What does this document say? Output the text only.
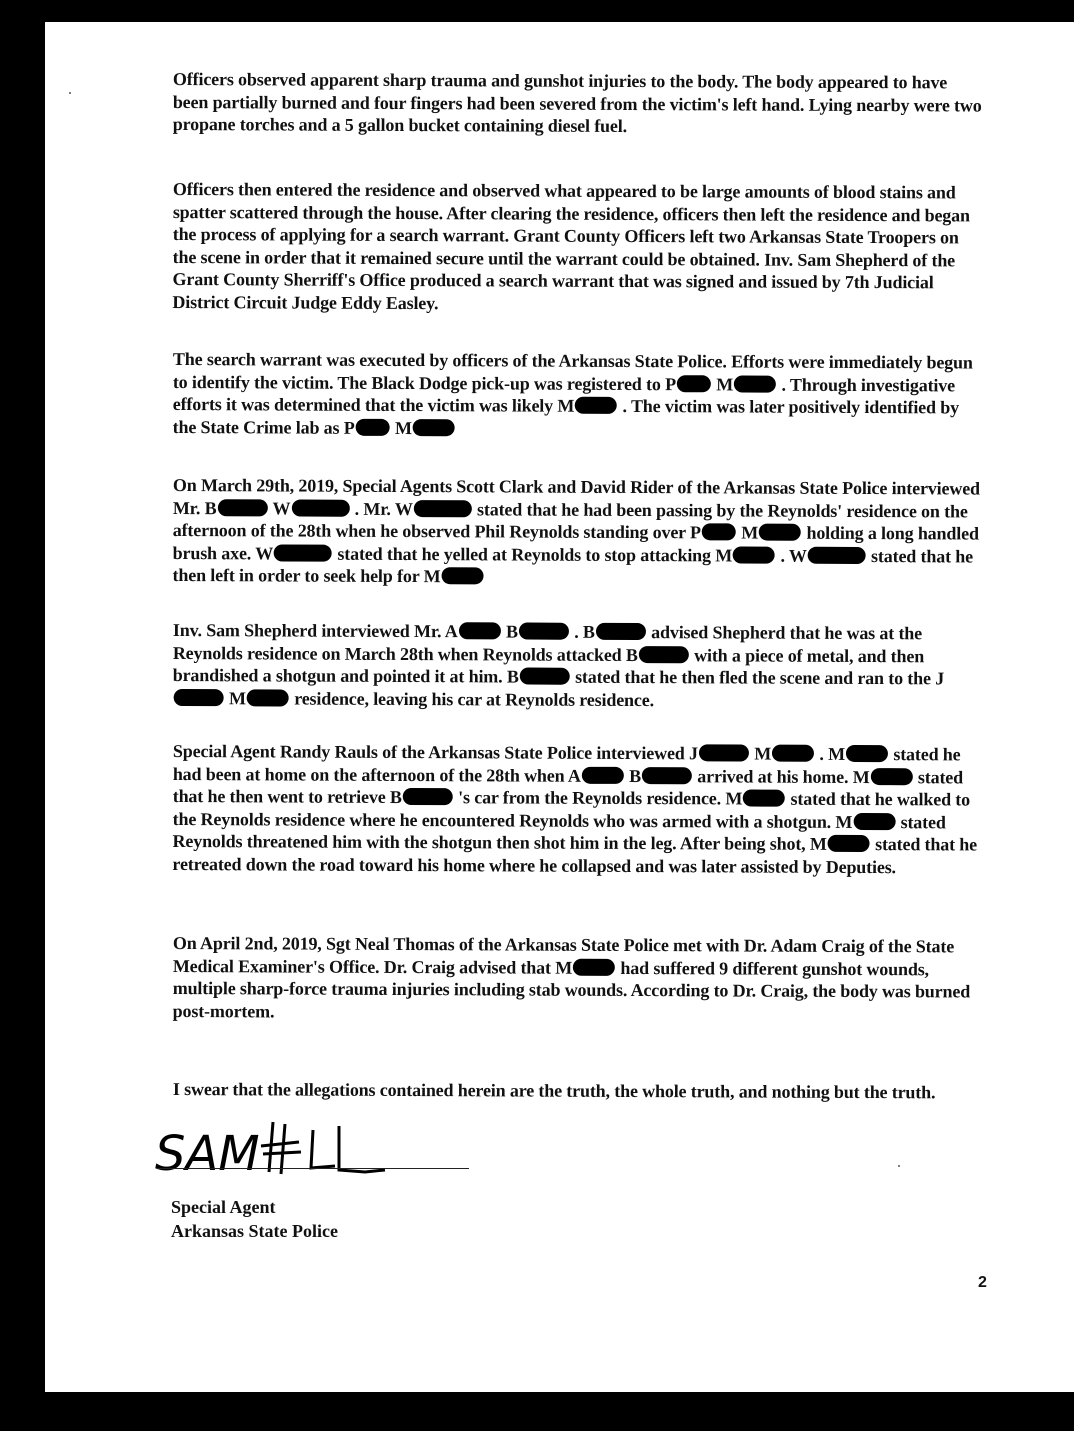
Officers observed apparent sharp trauma and gunshot injuries to the body. The body appeared to have been partially burned and four fingers had been severed from the victim's left hand. Lying nearby were two propane torches and a 5 gallon bucket containing diesel fuel.

Officers then entered the residence and observed what appeared to be large amounts of blood stains and spatter scattered through the house. After clearing the residence, officers then left the residence and began the process of applying for a search warrant. Grant County Officers left two Arkansas State Troopers on the scene in order that it remained secure until the warrant could be obtained. Inv. Sam Shepherd of the Grant County Sherriff's Office produced a search warrant that was signed and issued by 7th Judicial District Circuit Judge Eddy Easley.

The search warrant was executed by officers of the Arkansas State Police. Efforts were immediately begun to identify the victim. The Black Dodge pick-up was registered to P M	. Through investigative efforts it was determined that the victim was likely M	. The victim was later positively identified by the State Crime lab as P M

On March 29th, 2019, Special Agents Scott Clark and David Rider of the Arkansas State Police interviewed Mr. B	W	. Mr. W	stated that he had been passing by the Reynolds' residence on the afternoon of the 28th when he observed Phil Reynolds standing over P M	holding a long handled brush axe. W	stated that he yelled at Reynolds to stop attacking M	. W	stated that he then left in order to seek help for M

Inv. Sam Shepherd interviewed Mr. A	B	. B	advised Shepherd that he was at the Reynolds residence on March 28th when Reynolds attacked B	with a piece of metal, and then brandished a shotgun and pointed it at him. B	stated that he then fled the scene and ran to the J M	residence, leaving his car at Reynolds residence.

Special Agent Randy Rauls of the Arkansas State Police interviewed J	M	. M	stated he had been at home on the afternoon of the 28th when A	B	arrived at his home. M	stated that he then went to retrieve B	's car from the Reynolds residence. M	stated that he walked to the Reynolds residence where he encountered Reynolds who was armed with a shotgun. M	stated Reynolds threatened him with the shotgun then shot him in the leg. After being shot, M	stated that he retreated down the road toward his home where he collapsed and was later assisted by Deputies.

On April 2nd, 2019, Sgt Neal Thomas of the Arkansas State Police met with Dr. Adam Craig of the State Medical Examiner's Office. Dr. Craig advised that M	had suffered 9 different gunshot wounds, multiple sharp-force trauma injuries including stab wounds. According to Dr. Craig, the body was burned post-mortem.

I swear that the allegations contained herein are the truth, the whole truth, and nothing but the truth.

SAM
Special Agent
Arkansas State Police
2
